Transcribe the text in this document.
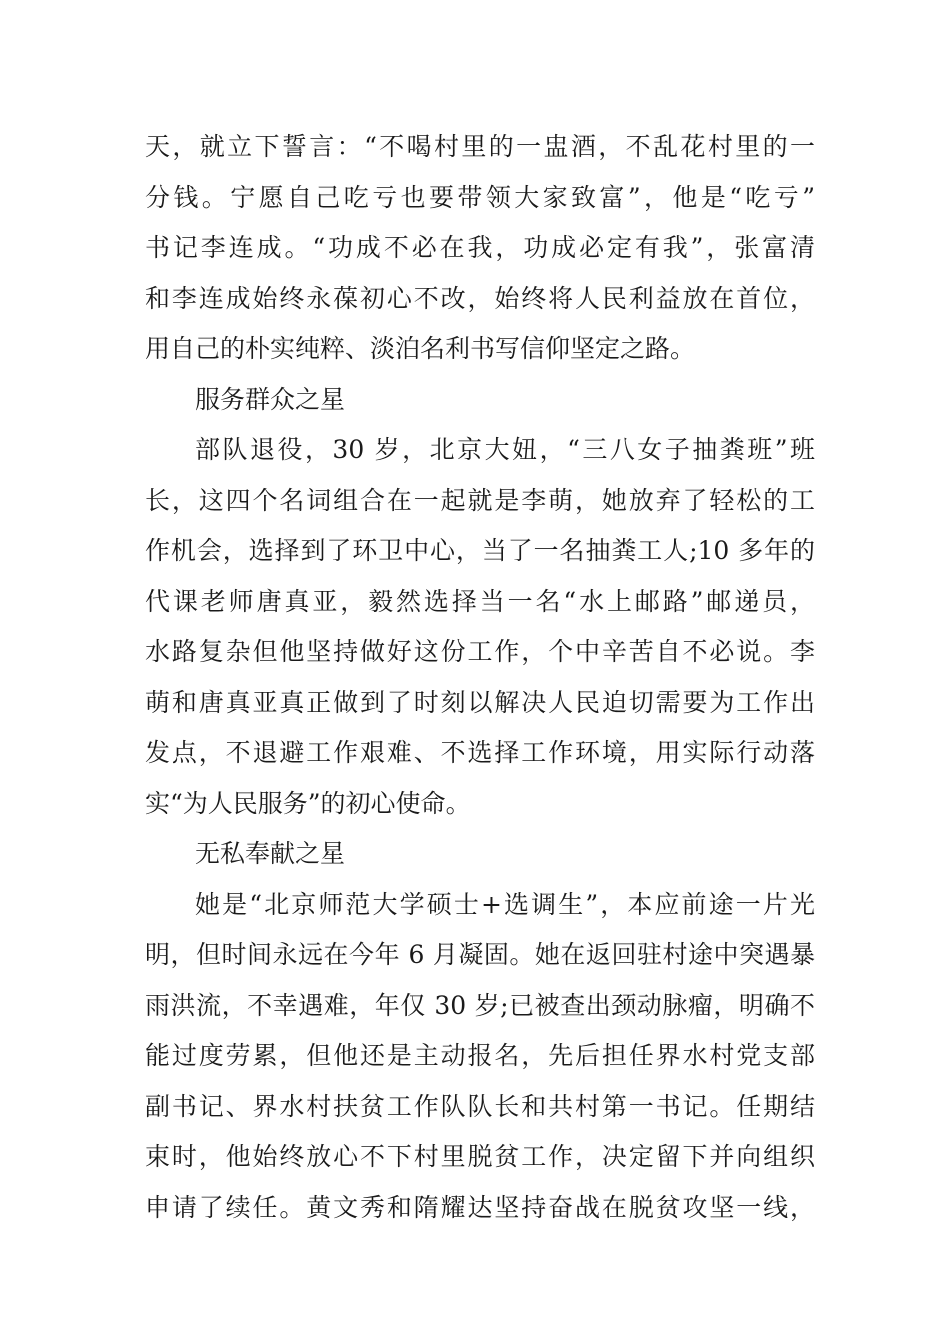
天，就立下誓言：“不喝村里的一盅酒，不乱花村里的一
分钱。宁愿自己吃亏也要带领大家致富”，他是“吃亏”
书记李连成。“功成不必在我，功成必定有我”，张富清
和李连成始终永葆初心不改，始终将人民利益放在首位，
用自己的朴实纯粹、淡泊名利书写信仰坚定之路。
服务群众之星
部队退役，30 岁，北京大妞，“三八女子抽粪班”班
长，这四个名词组合在一起就是李萌，她放弃了轻松的工
作机会，选择到了环卫中心，当了一名抽粪工人;10 多年的
代课老师唐真亚，毅然选择当一名“水上邮路”邮递员，
水路复杂但他坚持做好这份工作，个中辛苦自不必说。李
萌和唐真亚真正做到了时刻以解决人民迫切需要为工作出
发点，不退避工作艰难、不选择工作环境，用实际行动落
实“为人民服务”的初心使命。
无私奉献之星
她是“北京师范大学硕士+选调生”，本应前途一片光
明，但时间永远在今年 6 月凝固。她在返回驻村途中突遇暴
雨洪流，不幸遇难，年仅 30 岁;已被查出颈动脉瘤，明确不
能过度劳累，但他还是主动报名，先后担任界水村党支部
副书记、界水村扶贫工作队队长和共村第一书记。任期结
束时，他始终放心不下村里脱贫工作，决定留下并向组织
申请了续任。黄文秀和隋耀达坚持奋战在脱贫攻坚一线，
